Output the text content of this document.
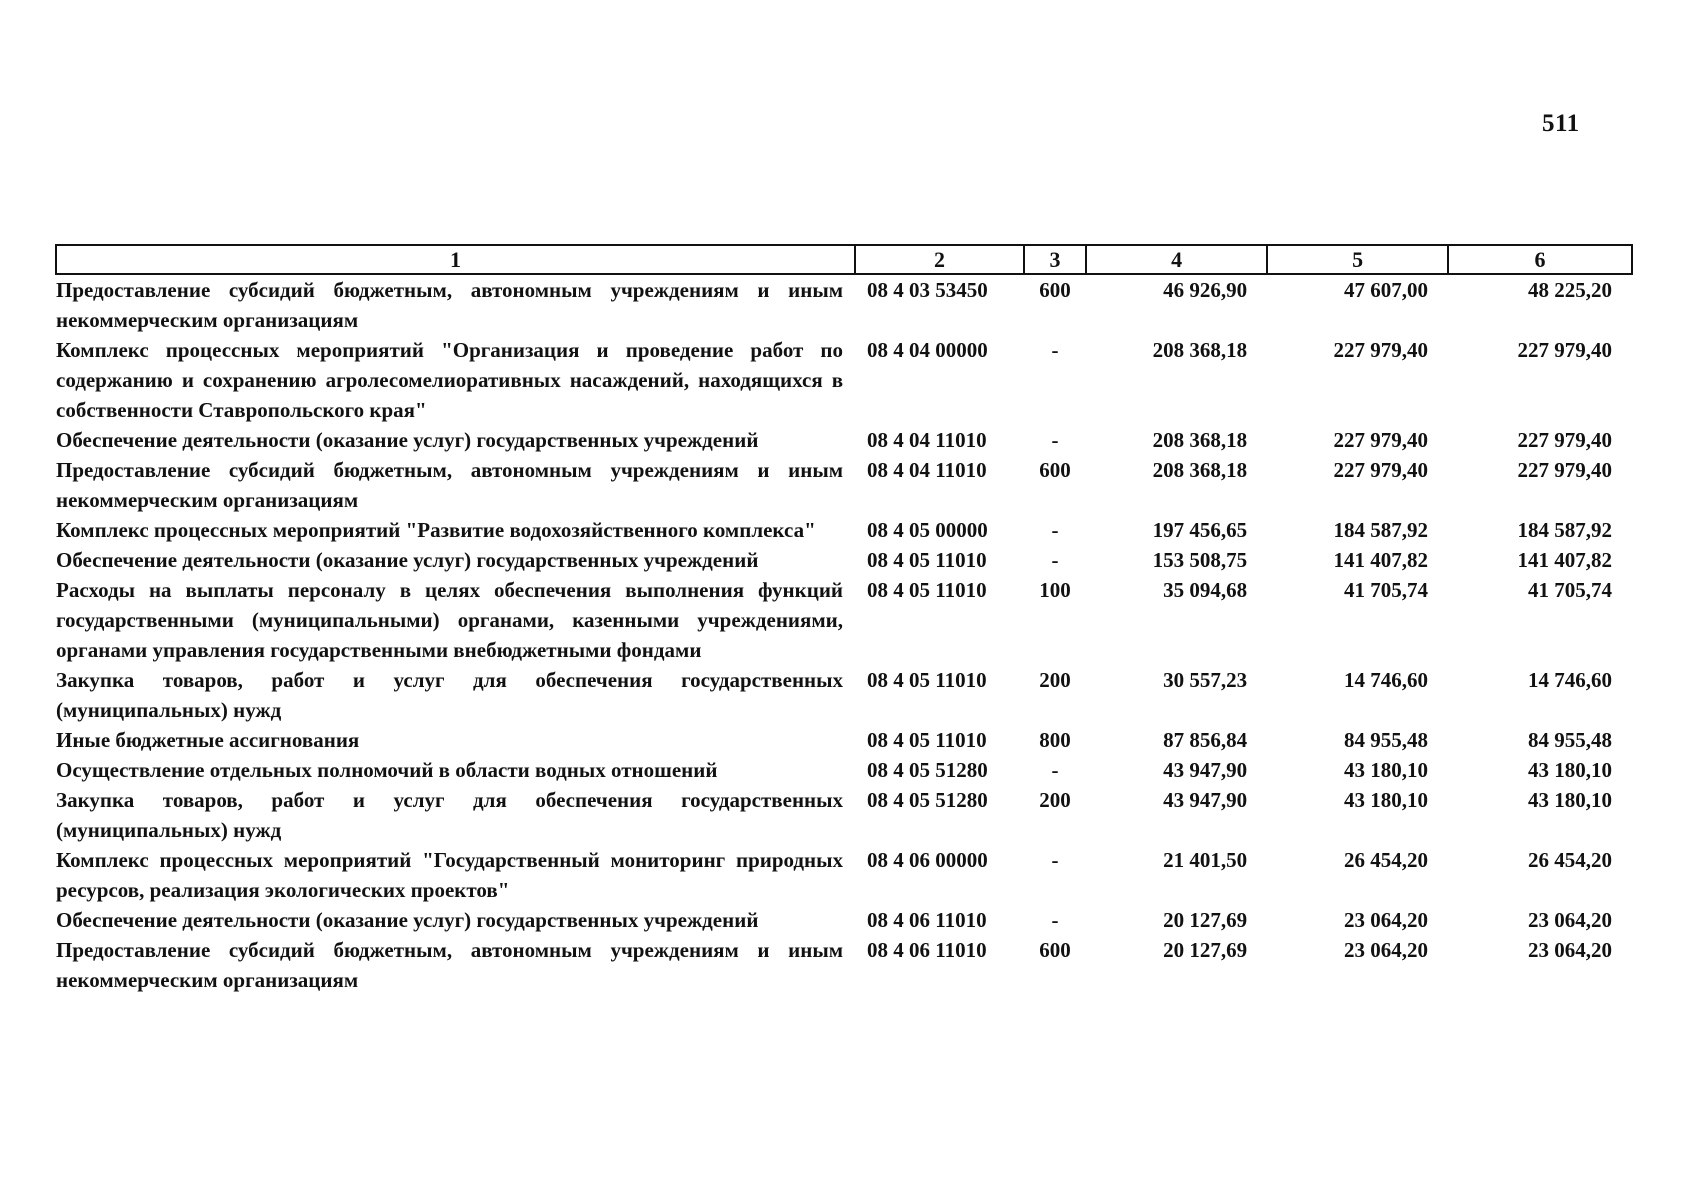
511
1	2	3	4	5	6
Предоставление субсидий бюджетным, автономным учреждениям и иным некоммерческим организациям	08 4 03 53450	600	46 926,90	47 607,00	48 225,20
Комплекс процессных мероприятий "Организация и проведение работ по содержанию и сохранению агролесомелиоративных насаждений, находящихся в собственности Ставропольского края"	08 4 04 00000	-	208 368,18	227 979,40	227 979,40
Обеспечение деятельности (оказание услуг) государственных учреждений	08 4 04 11010	-	208 368,18	227 979,40	227 979,40
Предоставление субсидий бюджетным, автономным учреждениям и иным некоммерческим организациям	08 4 04 11010	600	208 368,18	227 979,40	227 979,40
Комплекс процессных мероприятий "Развитие водохозяйственного комплекса"	08 4 05 00000	-	197 456,65	184 587,92	184 587,92
Обеспечение деятельности (оказание услуг) государственных учреждений	08 4 05 11010	-	153 508,75	141 407,82	141 407,82
Расходы на выплаты персоналу в целях обеспечения выполнения функций государственными (муниципальными) органами, казенными учреждениями, органами управления государственными внебюджетными фондами	08 4 05 11010	100	35 094,68	41 705,74	41 705,74
Закупка товаров, работ и услуг для обеспечения государственных (муниципальных) нужд	08 4 05 11010	200	30 557,23	14 746,60	14 746,60
Иные бюджетные ассигнования	08 4 05 11010	800	87 856,84	84 955,48	84 955,48
Осуществление отдельных полномочий в области водных отношений	08 4 05 51280	-	43 947,90	43 180,10	43 180,10
Закупка товаров, работ и услуг для обеспечения государственных (муниципальных) нужд	08 4 05 51280	200	43 947,90	43 180,10	43 180,10
Комплекс процессных мероприятий "Государственный мониторинг природных ресурсов, реализация экологических проектов"	08 4 06 00000	-	21 401,50	26 454,20	26 454,20
Обеспечение деятельности (оказание услуг) государственных учреждений	08 4 06 11010	-	20 127,69	23 064,20	23 064,20
Предоставление субсидий бюджетным, автономным учреждениям и иным некоммерческим организациям	08 4 06 11010	600	20 127,69	23 064,20	23 064,20
